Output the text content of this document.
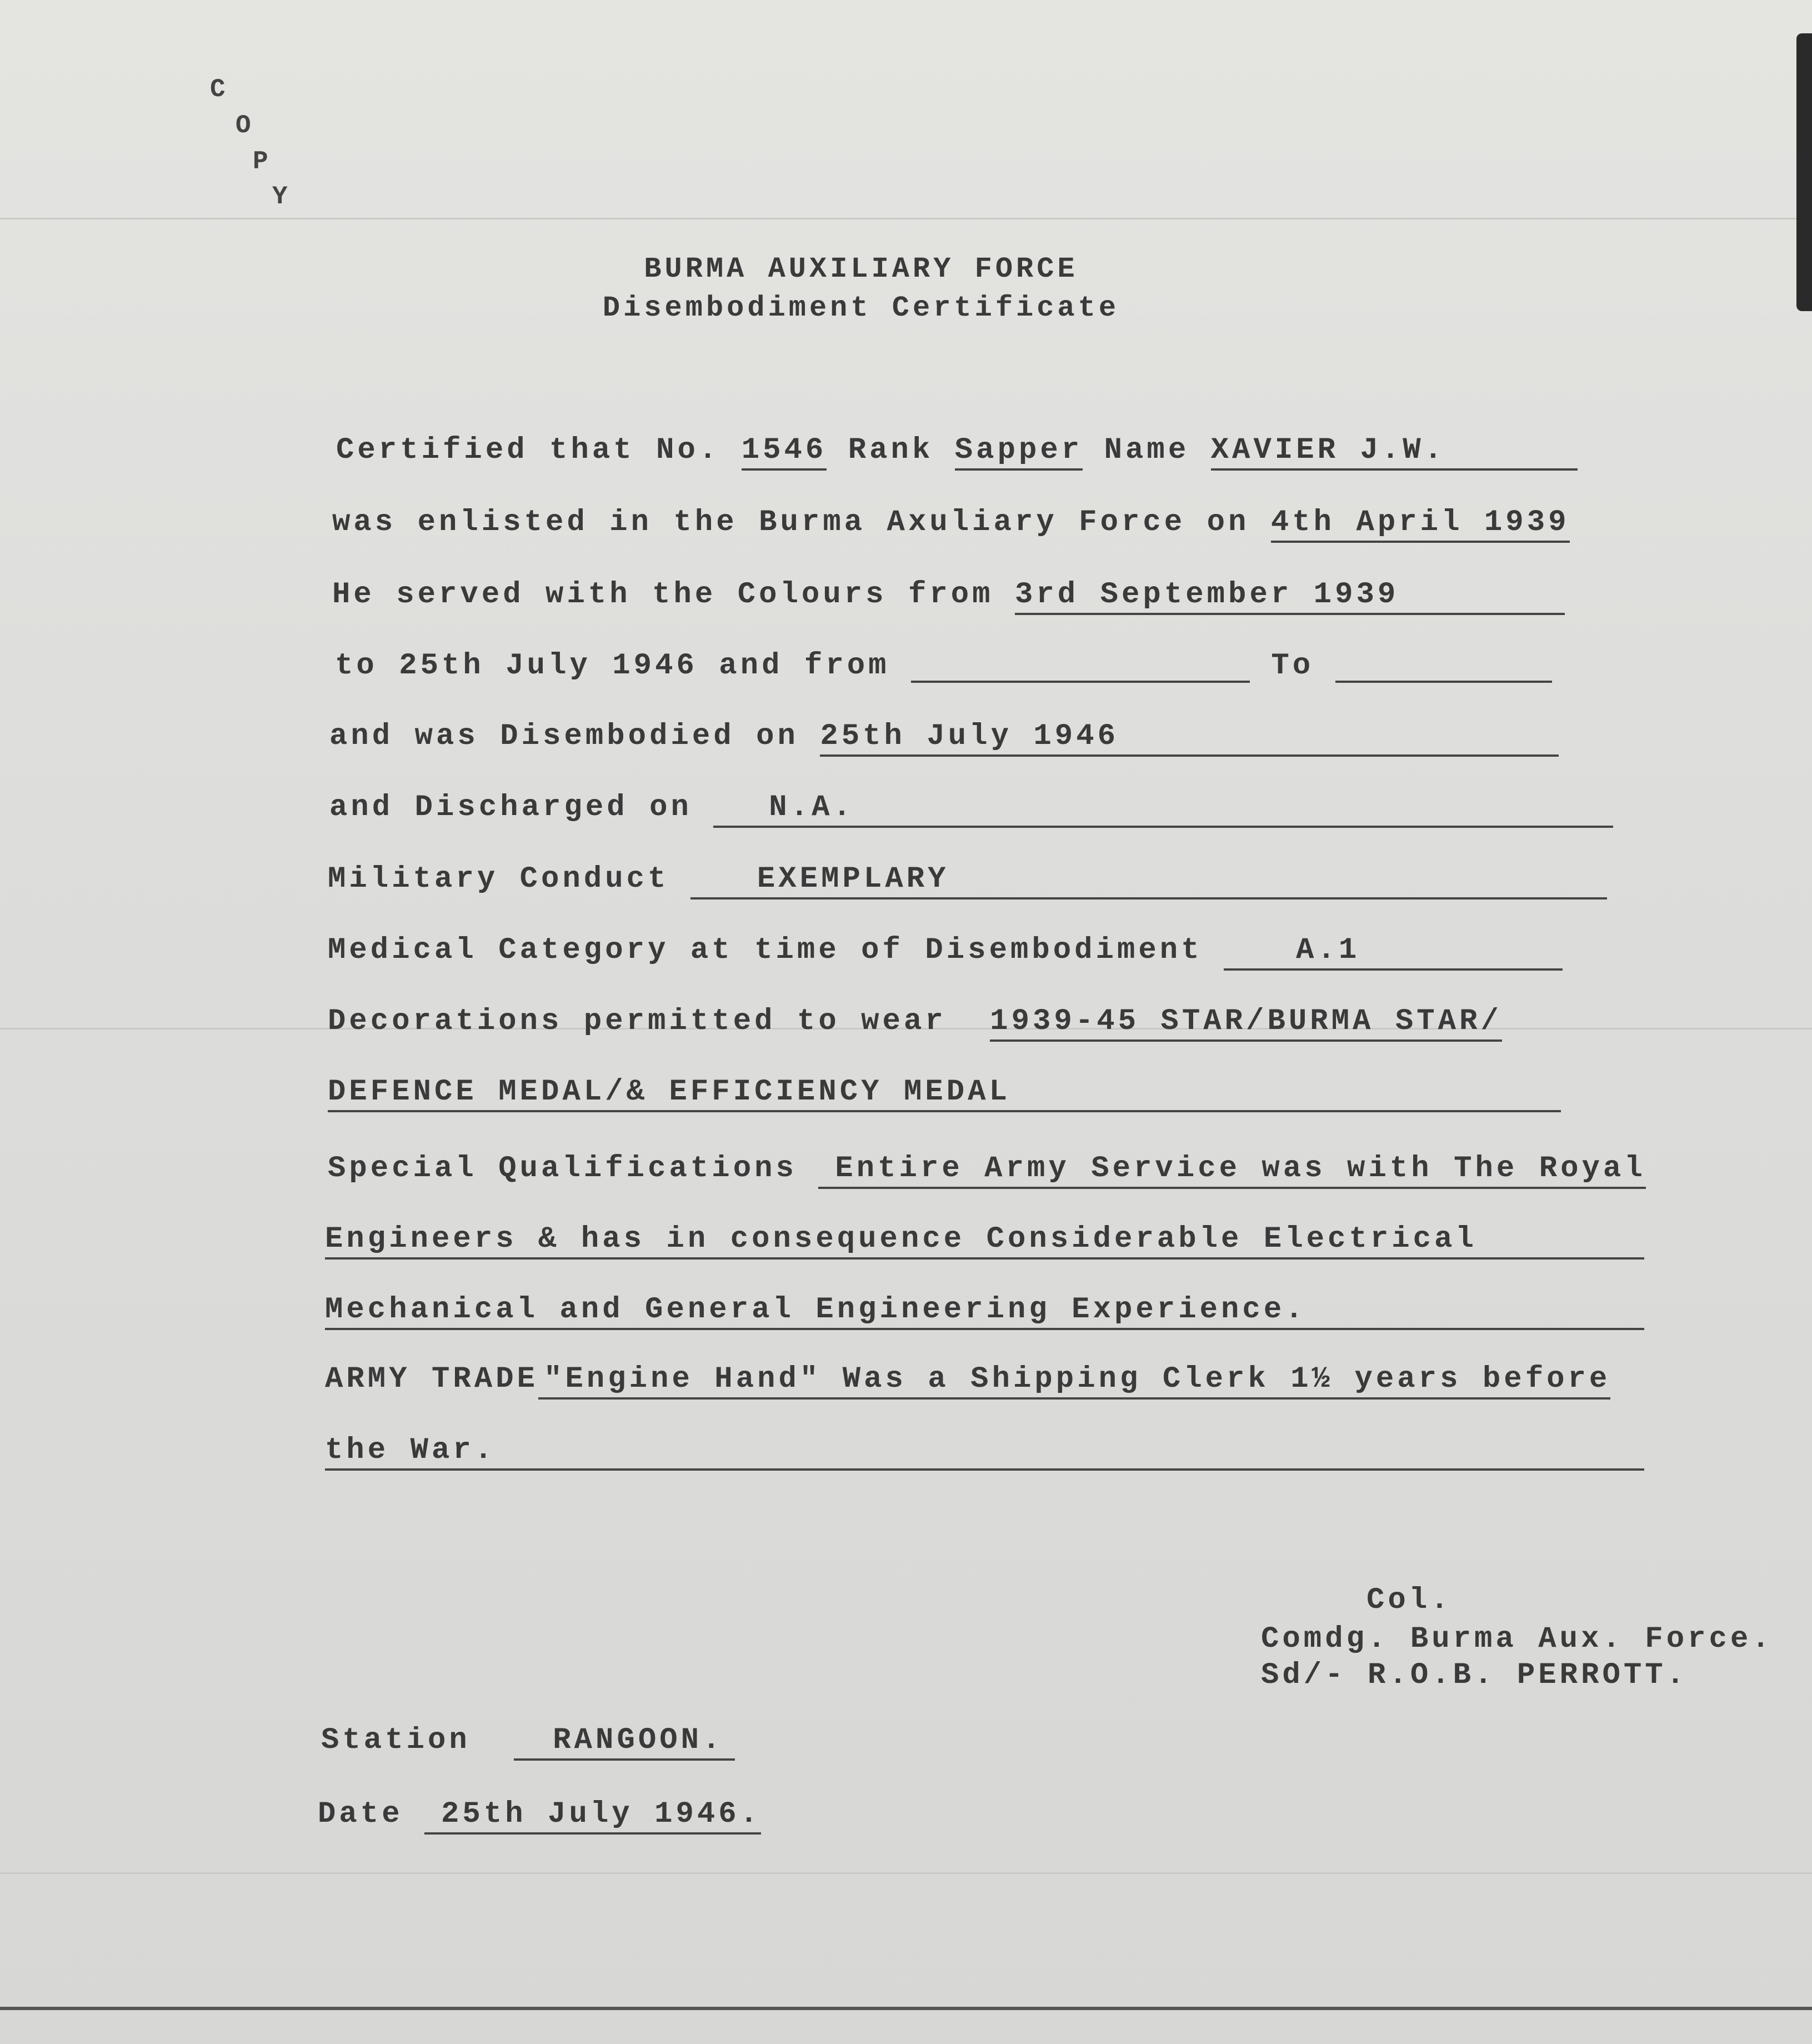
C
O
P
Y
BURMA AUXILIARY FORCE
Disembodiment Certificate
Certified that No. 1546 Rank Sapper Name XAVIER J.W.
was enlisted in the Burma Axuliary Force on 4th April 1939
He served with the Colours from 3rd September 1939
to 25th July 1946 and from	To
and was Disembodied on 25th July 1946
and Discharged on	N.A.
Military Conduct	EXEMPLARY
Medical Category at time of Disembodiment	A.1
Decorations permitted to wear 1939-45 STAR/BURMA STAR/
DEFENCE MEDAL/& EFFICIENCY MEDAL
Special Qualifications Entire Army Service was with The Royal
Engineers & has in consequence Considerable Electrical
Mechanical and General Engineering Experience.
ARMY TRADE "Engine Hand" Was a Shipping Clerk 1½ years before
the War.
Col.
Comdg. Burma Aux. Force.
Sd/- R.O.B. PERROTT.
Station	RANGOON.
Date 25th July 1946.
